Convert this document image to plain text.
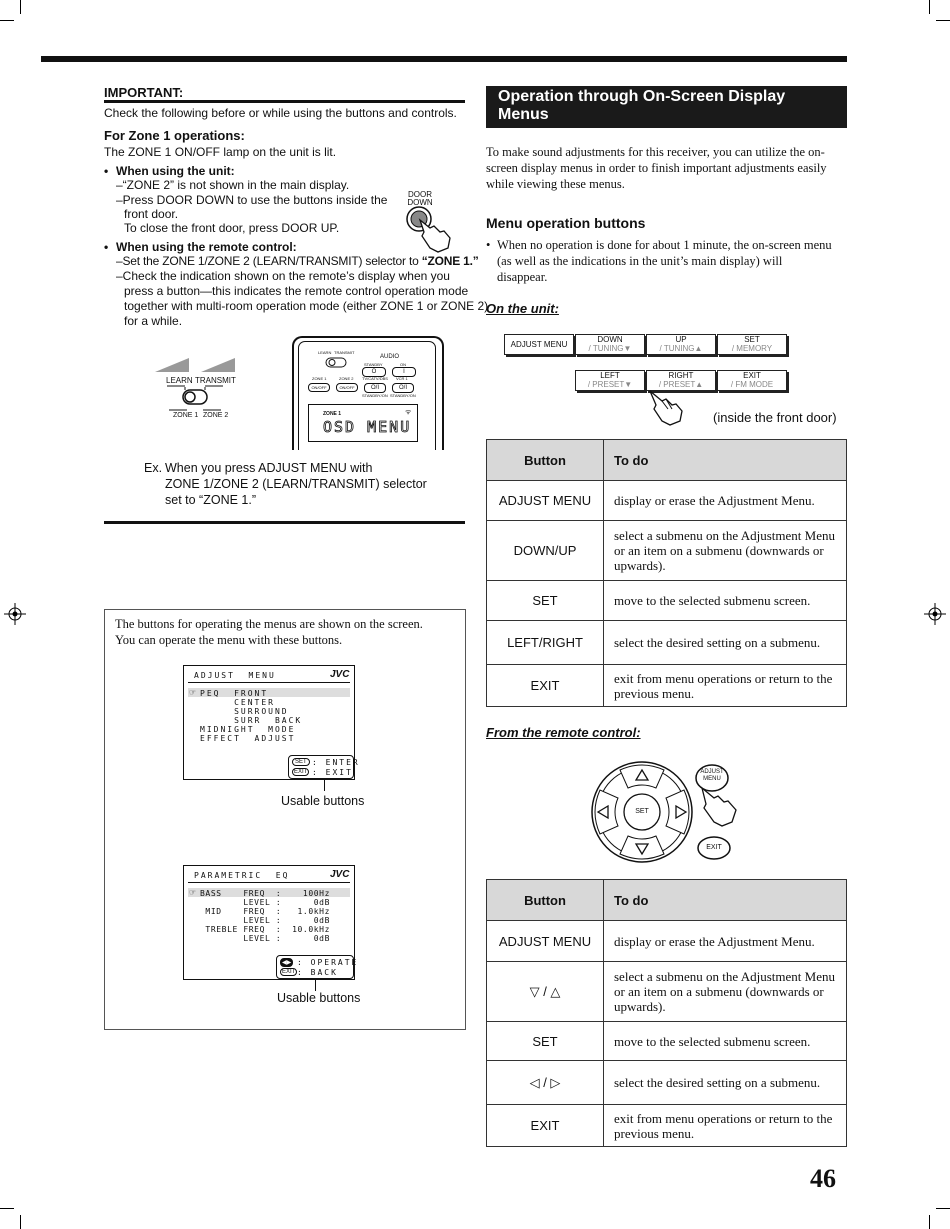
IMPORTANT:
Check the following before or while using the buttons and controls.
For Zone 1 operations:
The ZONE 1 ON/OFF lamp on the unit is lit.
• When using the unit:
–“ZONE 2” is not shown in the main display.
–Press DOOR DOWN to use the buttons inside the
front door.
To close the front door, press DOOR UP.
DOOR
DOWN
• When using the remote control:
–Set the ZONE 1/ZONE 2 (LEARN/TRANSMIT) selector to “ZONE 1.”
–Check the indication shown on the remote’s display when you
press a button—this indicates the remote control operation mode
together with multi-room operation mode (either ZONE 1 or ZONE 2)
for a while.
LEARN TRANSMIT
ZONE 1 ZONE 2
LEARN TRANSMIT
AUDIO
STANDBY	ON
O	I
ZONE 1	ZONE 2 TV/CATV/DBS VCR 1
ON/OFF	ON/OFF	O/I	O/I
STANDBY/ON STANDBY/ON
ZONE 1
OSD MENU
ᯤ
Ex. When you press ADJUST MENU with
ZONE 1/ZONE 2 (LEARN/TRANSMIT) selector
set to “ZONE 1.”
The buttons for operating the menus are shown on the screen.
You can operate the menu with these buttons.
ADJUST  MENU	JVC
☞ PEQ  FRONT
CENTER
SURROUND
SURR  BACK
MIDNIGHT  MODE
EFFECT  ADJUST
SET : ENTER
EXIT : EXIT
Usable buttons
PARAMETRIC  EQ	JVC
☞ BASS    FREQ  :    100Hz
LEVEL :      0dB
MID    FREQ  :   1.0kHz
LEVEL :      0dB
TREBLE FREQ  :  10.0kHz
LEVEL :      0dB
◀▶ : OPERATE
EXIT : BACK
Usable buttons
Operation through On-Screen Display Menus
To make sound adjustments for this receiver, you can utilize the on-
screen display menus in order to finish important adjustments easily
while viewing these menus.
Menu operation buttons
• When no operation is done for about 1 minute, the on-screen menu
(as well as the indications in the unit’s main display) will
disappear.
On the unit:
ADJUST MENU
DOWN
/ TUNING▼
UP
/ TUNING▲
SET
/ MEMORY
LEFT
/ PRESET▼
RIGHT
/ PRESET▲
EXIT
/ FM MODE
(inside the front door)
Button	To do
ADJUST MENU	display or erase the Adjustment Menu.
DOWN/UP	select a submenu on the Adjustment Menu or an item on a submenu (downwards or upwards).
SET	move to the selected submenu screen.
LEFT/RIGHT	select the desired setting on a submenu.
EXIT	exit from menu operations or return to the previous menu.
From the remote control:
ADJUST
MENU
SET
EXIT
Button	To do
ADJUST MENU	display or erase the Adjustment Menu.
▽ / △	select a submenu on the Adjustment Menu or an item on a submenu (downwards or upwards).
SET	move to the selected submenu screen.
◁ / ▷	select the desired setting on a submenu.
EXIT	exit from menu operations or return to the previous menu.
46
